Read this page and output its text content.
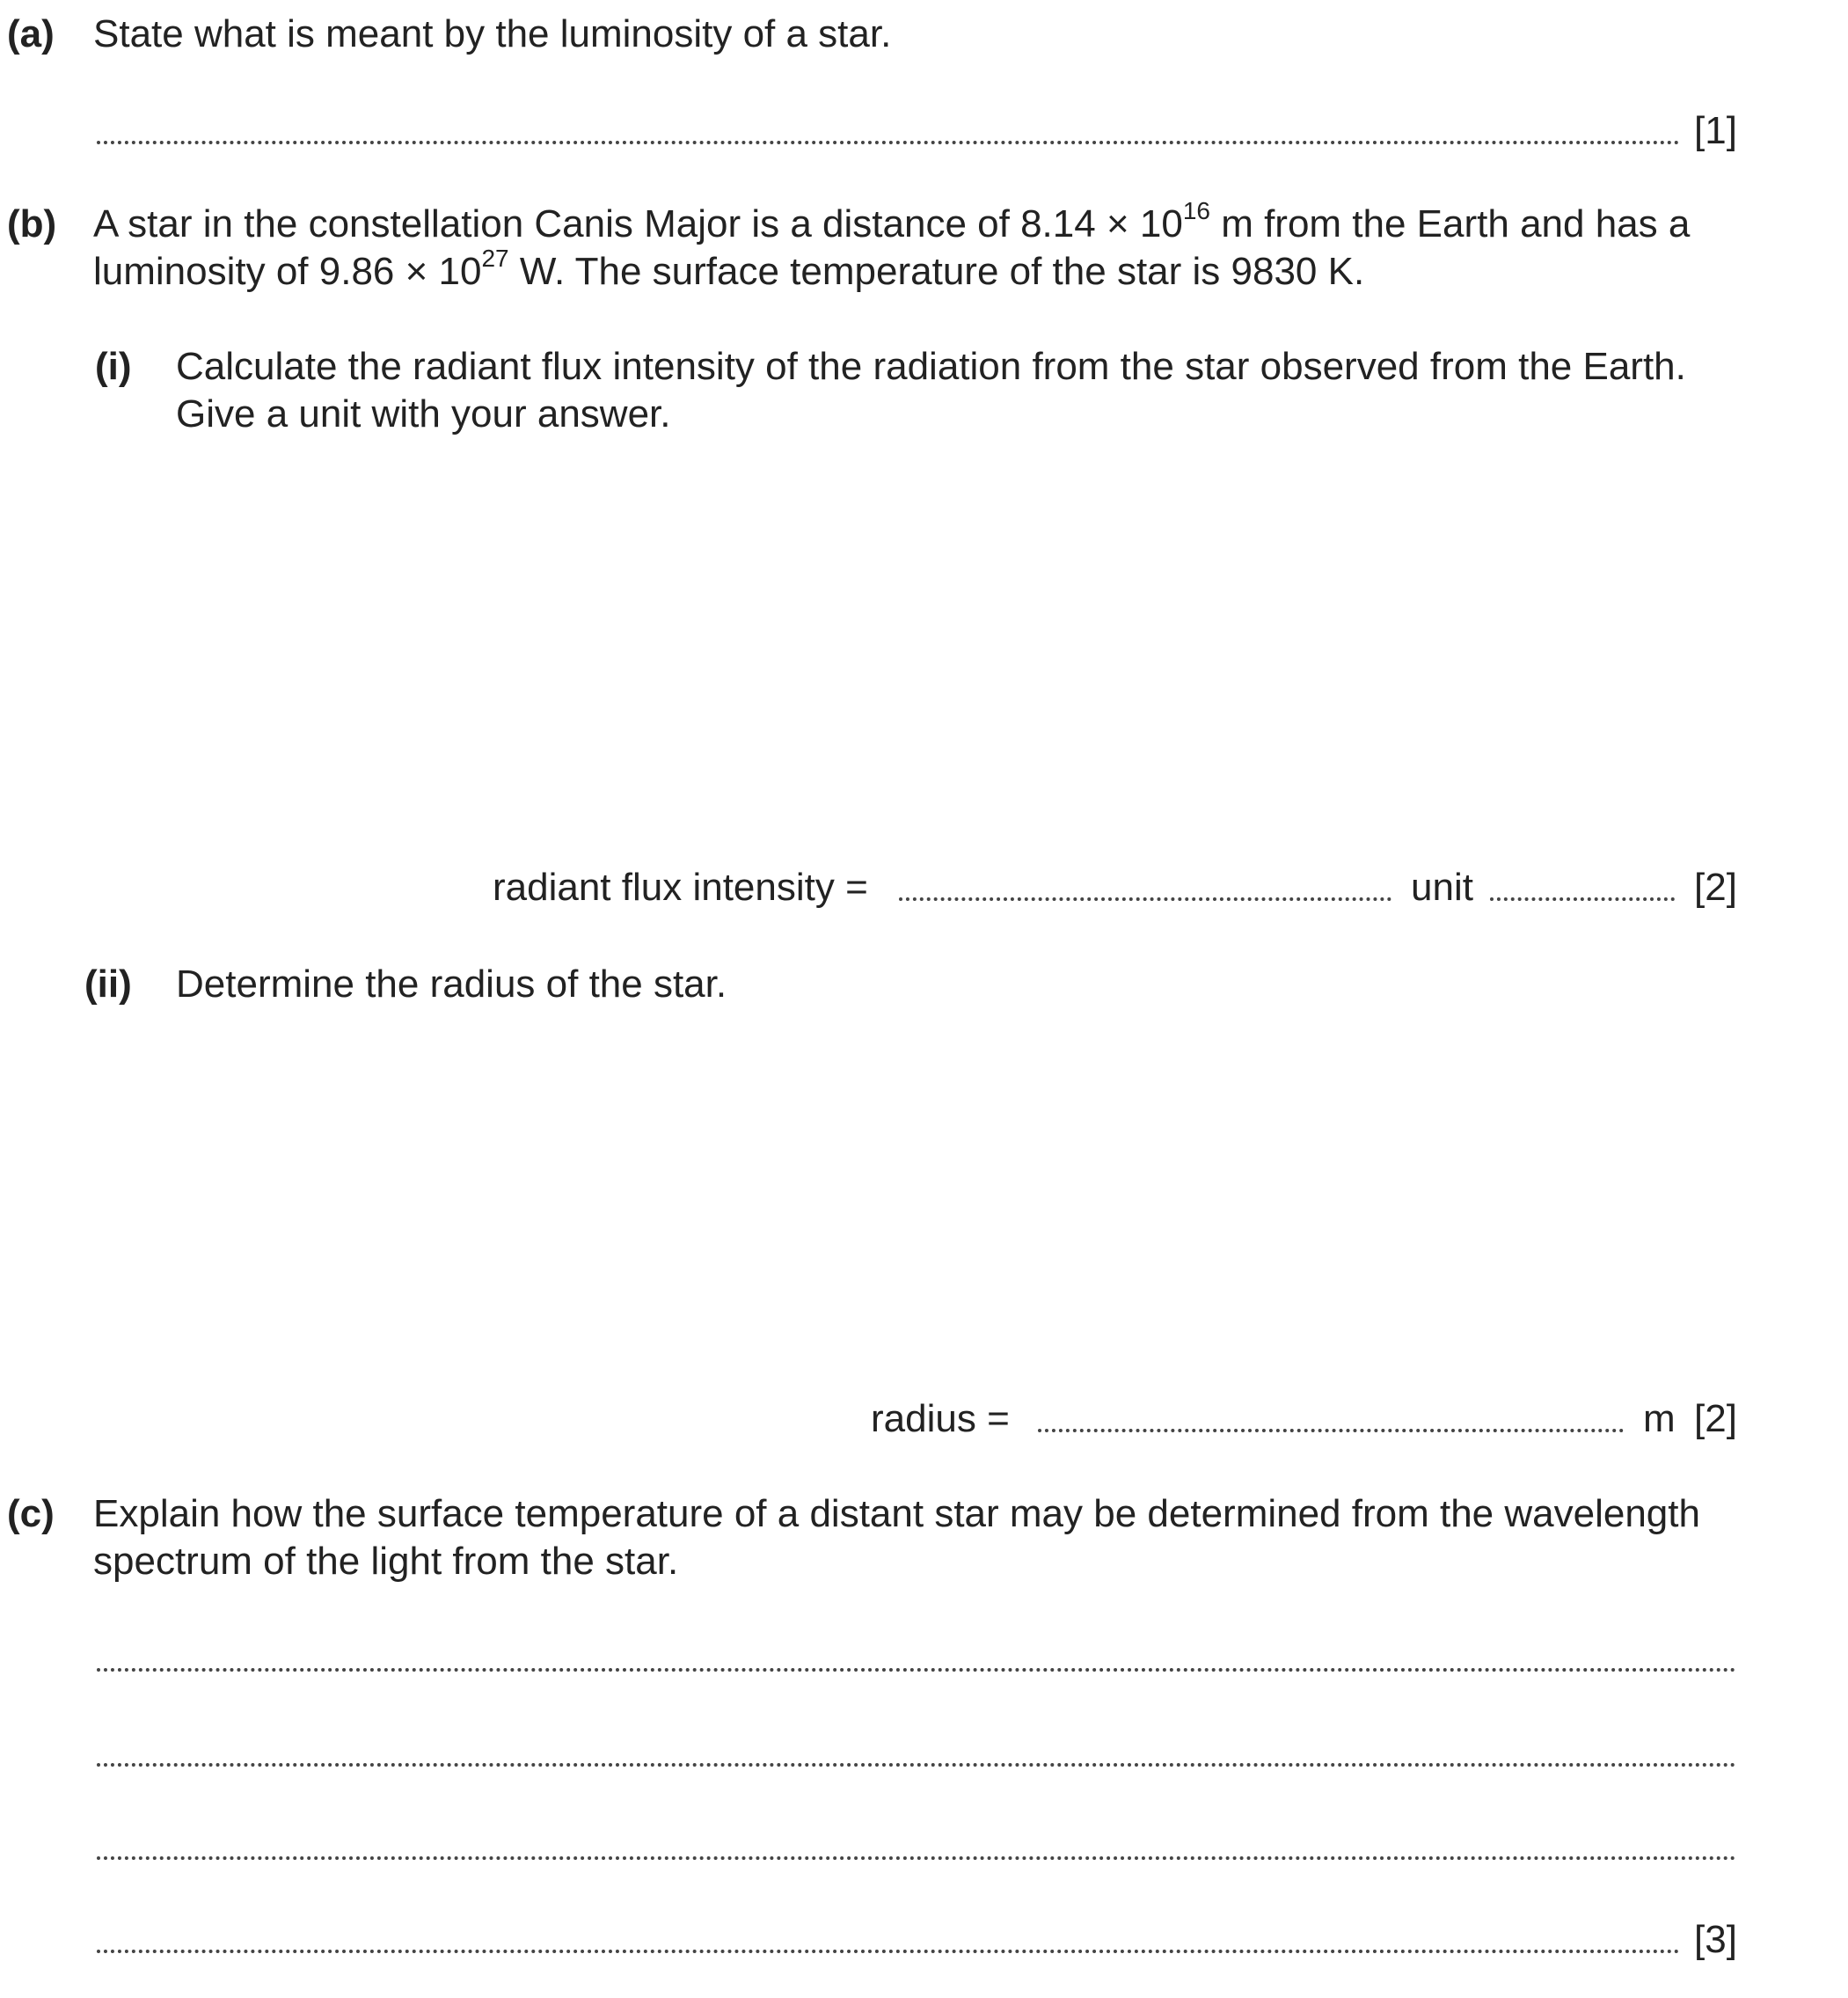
(a) State what is meant by the luminosity of a star.
[1]
(b) A star in the constellation Canis Major is a distance of $8.14 \times 10^{16}$ m from the Earth and has a
luminosity of $9.86 \times 10^{27}$ W. The surface temperature of the star is 9830 K.
(i) Calculate the radiant flux intensity of the radiation from the star observed from the Earth.
Give a unit with your answer.
radiant flux intensity =	unit	[2]
(ii) Determine the radius of the star.
radius =	m [2]
(c) Explain how the surface temperature of a distant star may be determined from the wavelength
spectrum of the light from the star.
[3]
